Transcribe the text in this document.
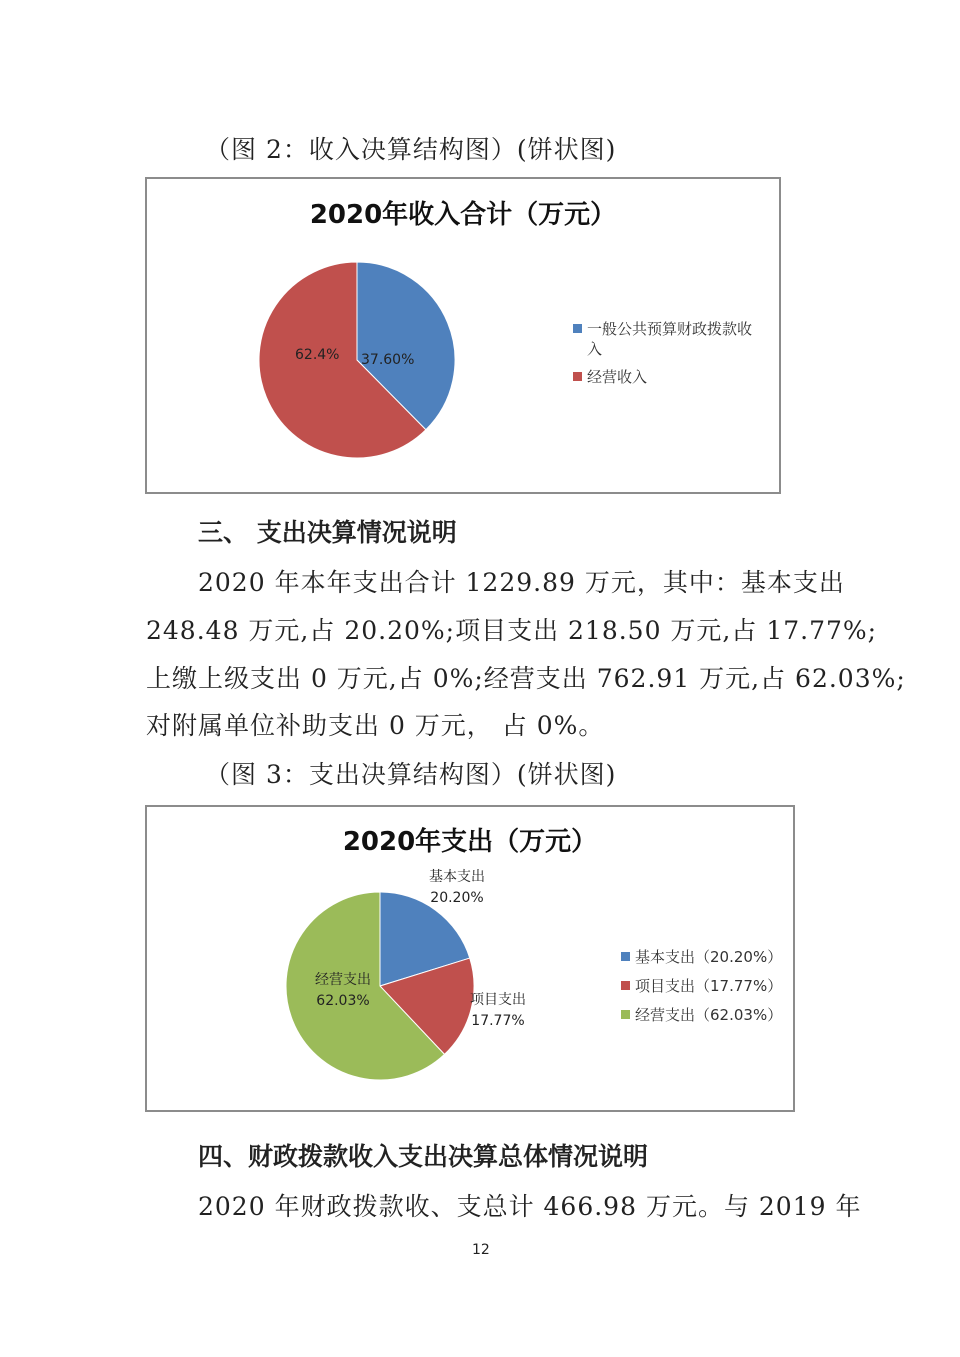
（图 2：收入决算结构图）(饼状图)
2020年收入合计（万元）
62.4% 37.60%
一般公共预算财政拨款收
入
经营收入
三、 支出决算情况说明
2020 年本年支出合计 1229.89 万元，其中：基本支出
248.48 万元,占 20.20%;项目支出 218.50 万元,占 17.77%;
上缴上级支出 0 万元,占 0%;经营支出 762.91 万元,占 62.03%;
对附属单位补助支出 0 万元， 占 0%。
（图 3：支出决算结构图）(饼状图)
2020年支出（万元）
基本支出
20.20%
项目支出
17.77%
经营支出
62.03%
基本支出（20.20%）
项目支出（17.77%）
经营支出（62.03%）
四、财政拨款收入支出决算总体情况说明
2020 年财政拨款收、支总计 466.98 万元。与 2019 年
12
